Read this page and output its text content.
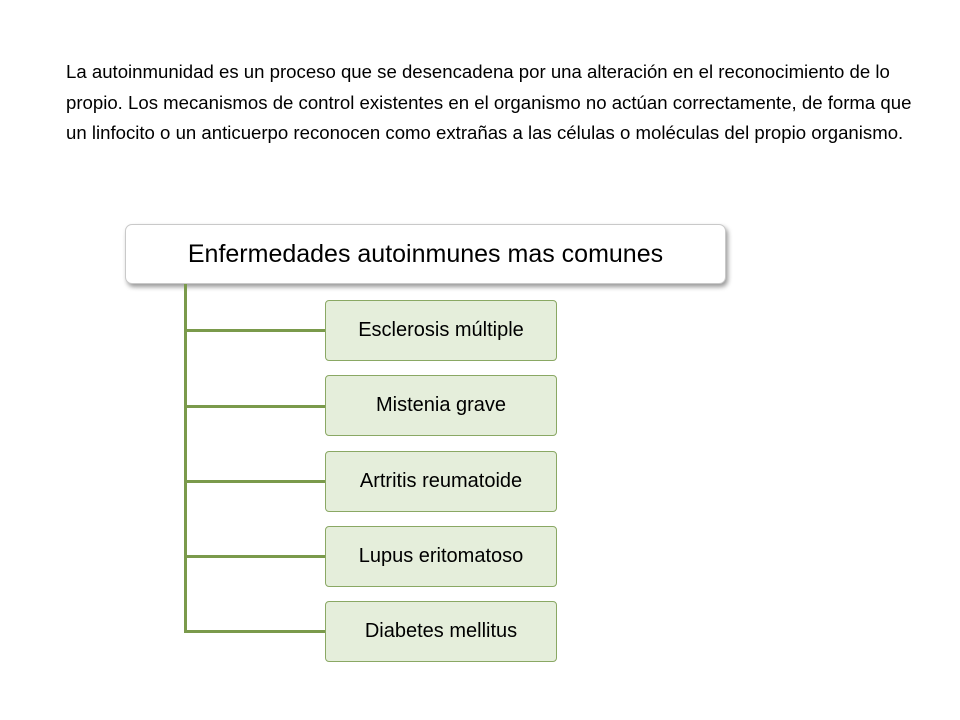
La autoinmunidad es un proceso que se desencadena por una alteración en el reconocimiento de lo propio. Los mecanismos de control existentes en el organismo no actúan correctamente, de forma que un linfocito o un anticuerpo reconocen como extrañas a las células o moléculas del propio organismo.

Enfermedades autoinmunes mas comunes
Esclerosis múltiple
Mistenia grave
Artritis reumatoide
Lupus eritomatoso
Diabetes mellitus
